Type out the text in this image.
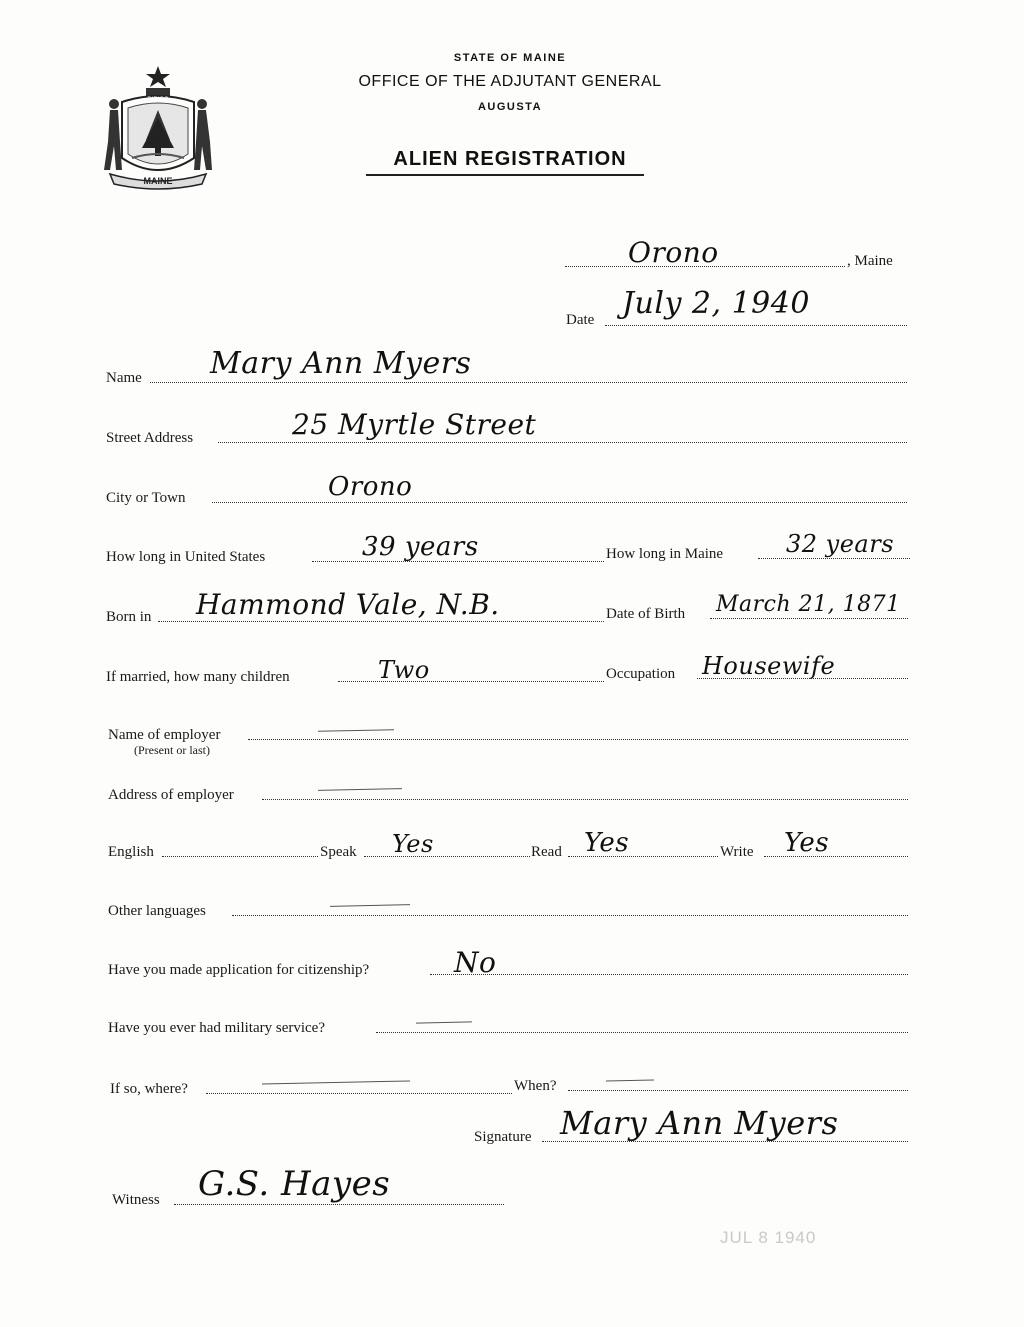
MAINE
DIRIGO
STATE OF MAINE
OFFICE OF THE ADJUTANT GENERAL
AUGUSTA
ALIEN REGISTRATION
Orono	, Maine
Date July 2, 1940
Name Mary Ann Myers
Street Address	25 Myrtle Street
City or Town	Orono
How long in United States	39 years	How long in Maine	32 years
Born in Hammond Vale, N.B.	Date of Birth March 21, 1871
If married, how many children	Two	Occupation Housewife
Name of employer
(Present or last)
Address of employer
English	Speak Yes	Read Yes	Write Yes
Other languages
Have you made application for citizenship?	No
Have you ever had military service?
If so, where?	When?
Signature Mary Ann Myers
Witness G.S. Hayes
JUL 8 1940
